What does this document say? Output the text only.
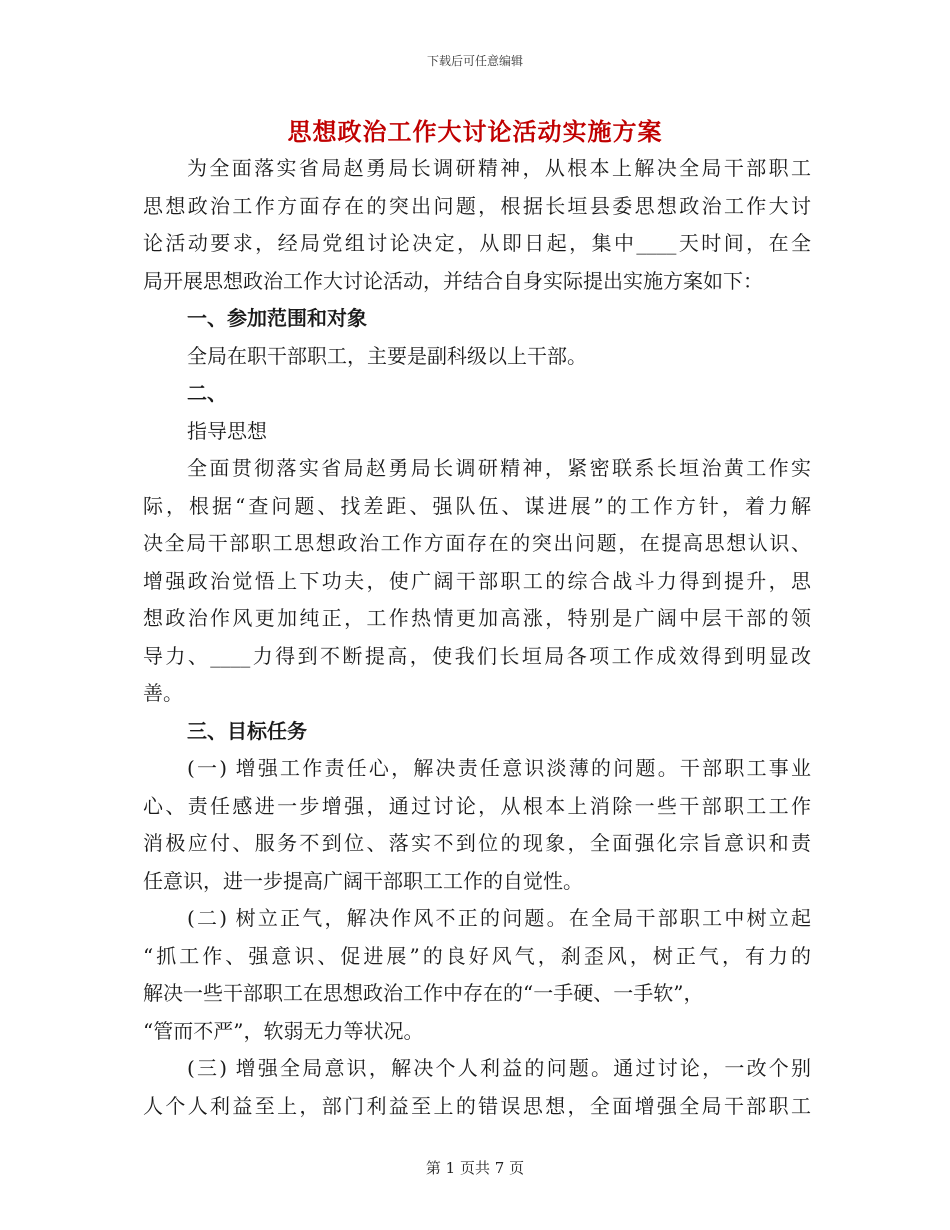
下载后可任意编辑
思想政治工作大讨论活动实施方案
为全面落实省局赵勇局长调研精神，从根本上解决全局干部职工
思想政治工作方面存在的突出问题，根据长垣县委思想政治工作大讨
论活动要求，经局党组讨论决定，从即日起，集中____天时间，在全
局开展思想政治工作大讨论活动，并结合自身实际提出实施方案如下：
一、参加范围和对象
全局在职干部职工，主要是副科级以上干部。
二、
指导思想
全面贯彻落实省局赵勇局长调研精神，紧密联系长垣治黄工作实
际，根据“查问题、找差距、强队伍、谋进展”的工作方针，着力解
决全局干部职工思想政治工作方面存在的突出问题，在提高思想认识、
增强政治觉悟上下功夫，使广阔干部职工的综合战斗力得到提升，思
想政治作风更加纯正，工作热情更加高涨，特别是广阔中层干部的领
导力、____力得到不断提高，使我们长垣局各项工作成效得到明显改
善。
三、目标任务
(一) 增强工作责任心，解决责任意识淡薄的问题。干部职工事业
心、责任感进一步增强，通过讨论，从根本上消除一些干部职工工作
消极应付、服务不到位、落实不到位的现象，全面强化宗旨意识和责
任意识，进一步提高广阔干部职工工作的自觉性。
(二) 树立正气，解决作风不正的问题。在全局干部职工中树立起
“抓工作、强意识、促进展”的良好风气，刹歪风，树正气，有力的
解决一些干部职工在思想政治工作中存在的“一手硬、一手软”，
“管而不严”，软弱无力等状况。
(三) 增强全局意识，解决个人利益的问题。通过讨论，一改个别
人个人利益至上，部门利益至上的错误思想，全面增强全局干部职工
第 1 页共 7 页
